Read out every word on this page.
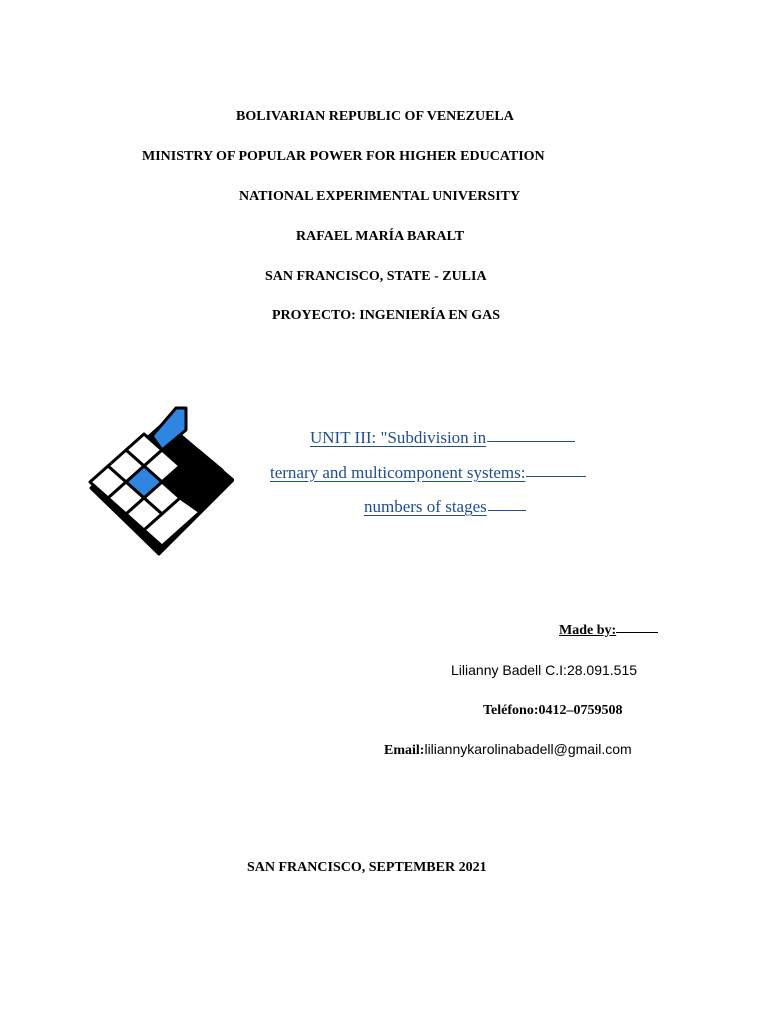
BOLIVARIAN REPUBLIC OF VENEZUELA
MINISTRY OF POPULAR POWER FOR HIGHER EDUCATION
NATIONAL EXPERIMENTAL UNIVERSITY
RAFAEL MARÍA BARALT
SAN FRANCISCO, STATE - ZULIA
PROYECTO: INGENIERÍA EN GAS
UNIT III: "Subdivision in
ternary and multicomponent systems:
numbers of stages
Made by:
Lilianny Badell C.I:28.091.515
Teléfono:0412–0759508
Email:liliannykarolinabadell@gmail.com
SAN FRANCISCO, SEPTEMBER 2021
